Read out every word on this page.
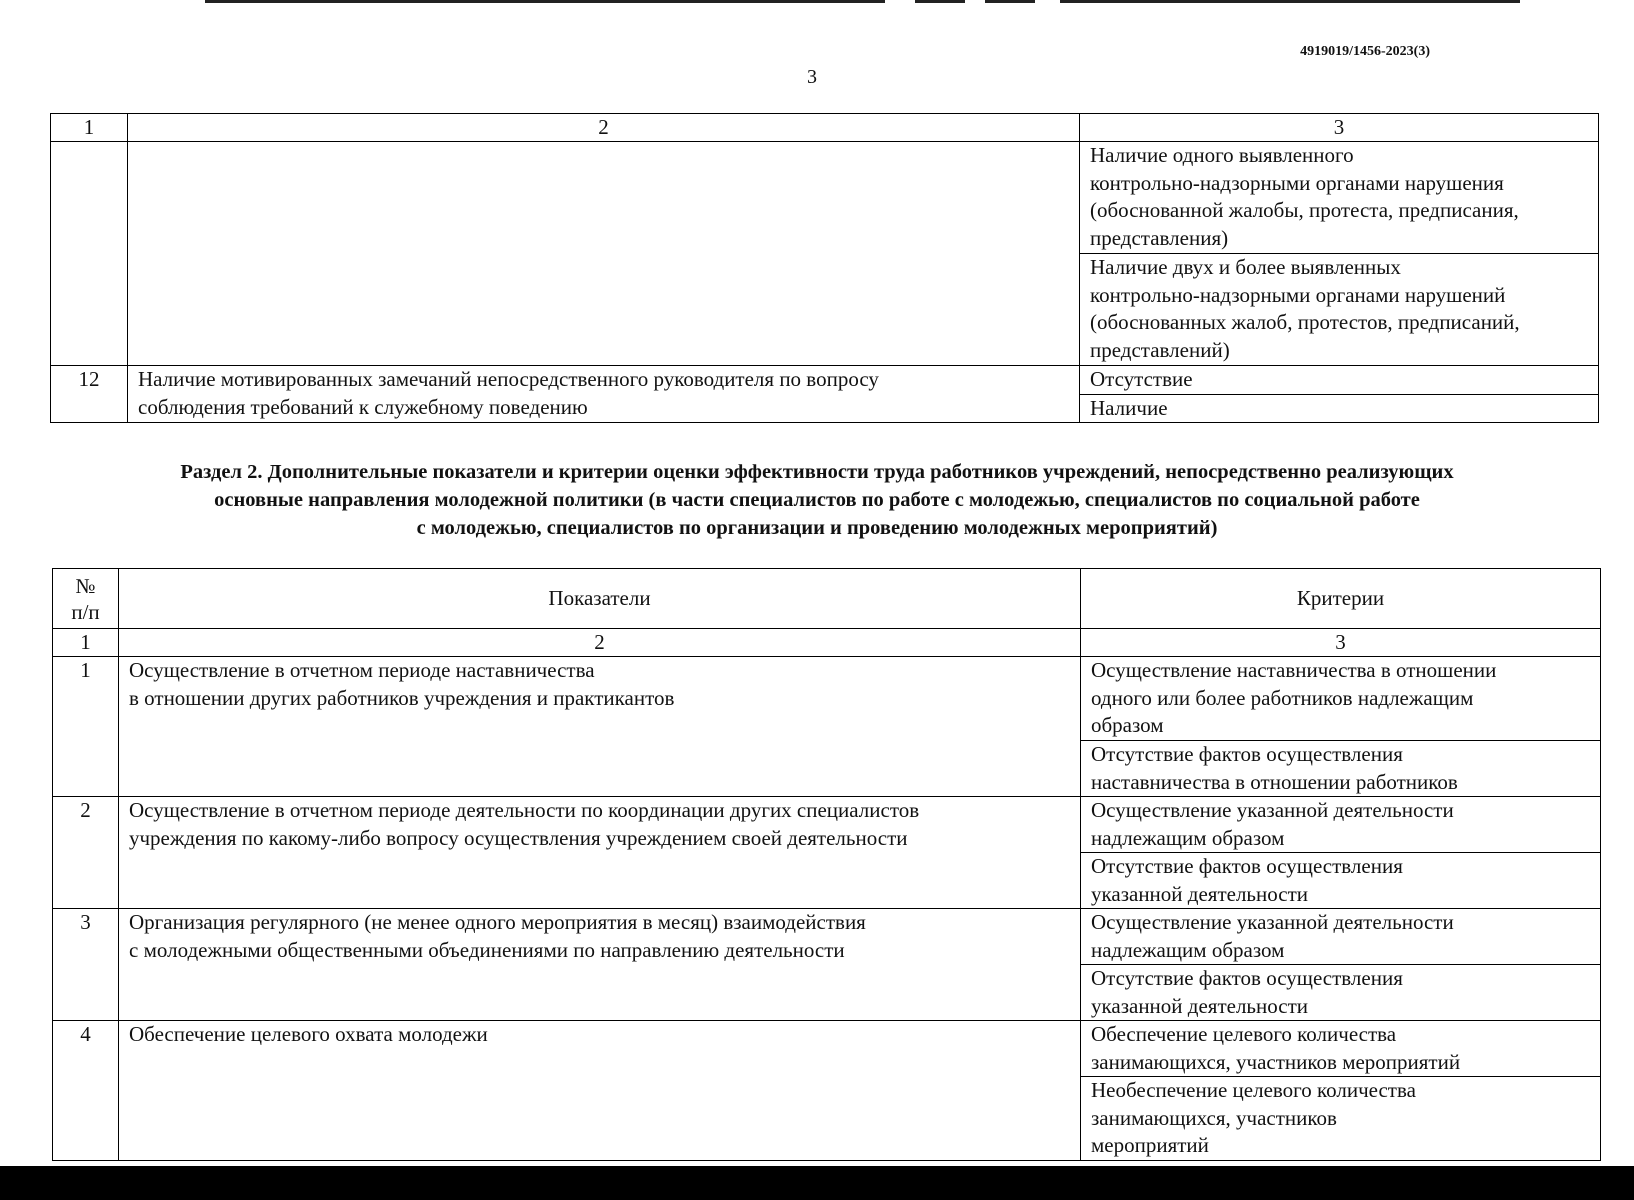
4919019/1456-2023(3)
3
1	2	3

		Наличие одного выявленного
контрольно-надзорными органами нарушения
(обоснованной жалобы, протеста, предписания,
представления)

		Наличие двух и более выявленных
контрольно-надзорными органами нарушений
(обоснованных жалоб, протестов, предписаний,
представлений)

12	Наличие мотивированных замечаний непосредственного руководителя по вопросу
соблюдения требований к служебному поведению	Отсутствие

		Наличие
Раздел 2. Дополнительные показатели и критерии оценки эффективности труда работников учреждений, непосредственно реализующих
основные направления молодежной политики (в части специалистов по работе с молодежью, специалистов по социальной работе
с молодежью, специалистов по организации и проведению молодежных мероприятий)
№
п/п	Показатели	Критерии
1	2	3
1	Осуществление в отчетном периоде наставничества
в отношении других работников учреждения и практикантов	Осуществление наставничества в отношении
одного или более работников надлежащим
образом

		Отсутствие фактов осуществления
наставничества в отношении работников

2	Осуществление в отчетном периоде деятельности по координации других специалистов
учреждения по какому-либо вопросу осуществления учреждением своей деятельности	Осуществление указанной деятельности
надлежащим образом

		Отсутствие фактов осуществления
указанной деятельности

3	Организация регулярного (не менее одного мероприятия в месяц) взаимодействия
с молодежными общественными объединениями по направлению деятельности	Осуществление указанной деятельности
надлежащим образом

		Отсутствие фактов осуществления
указанной деятельности

4	Обеспечение целевого охвата молодежи	Обеспечение целевого количества
занимающихся, участников мероприятий

		Необеспечение целевого количества
занимающихся, участников
мероприятий
